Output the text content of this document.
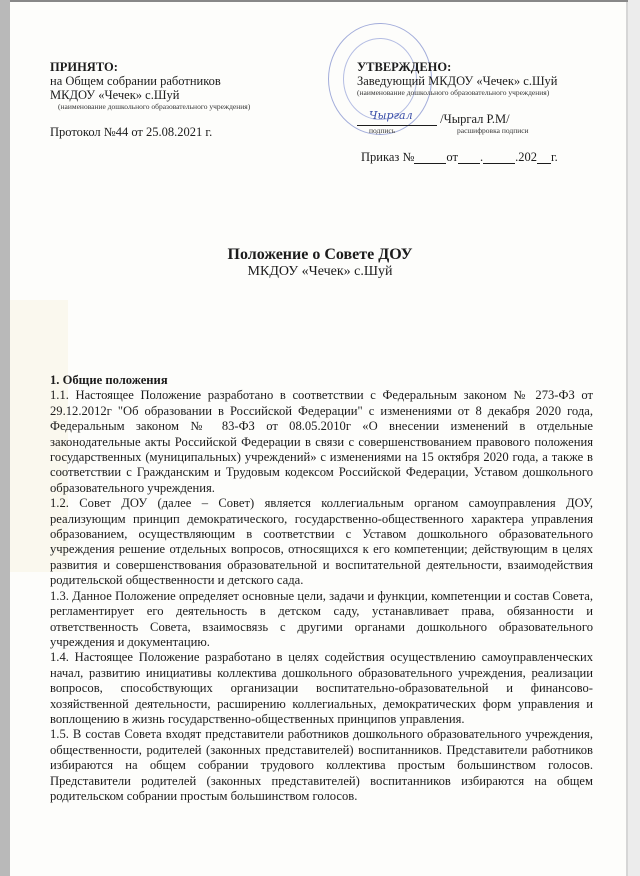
ПРИНЯТО:
на Общем собрании работников
МКДОУ «Чечек» с.Шуй
(наименование дошкольного образовательного учреждения)
Протокол №44 от 25.08.2021 г.
УТВЕРЖДЕНО:
Заведующий МКДОУ «Чечек» с.Шуй
(наименование дошкольного образовательного учреждения)
Чыргал /Чыргал Р.М/
подпись	расшифровка подписи
Приказ №	от .	.202 г.
Положение о Совете ДОУ
МКДОУ «Чечек» с.Шуй
1. Общие положения

1.1. Настоящее Положение разработано в соответствии с Федеральным законом № 273-ФЗ от 29.12.2012г "Об образовании в Российской Федерации" с изменениями от 8 декабря 2020 года, Федеральным законом № 83-ФЗ от 08.05.2010г «О внесении изменений в отдельные законодательные акты Российской Федерации в связи с совершенствованием правового положения государственных (муниципальных) учреждений» с изменениями на 15 октября 2020 года, а также в соответствии с Гражданским и Трудовым кодексом Российской Федерации, Уставом дошкольного образовательного учреждения.

1.2. Совет ДОУ (далее – Совет) является коллегиальным органом самоуправления ДОУ, реализующим принцип демократического, государственно-общественного характера управления образованием, осуществляющим в соответствии с Уставом дошкольного образовательного учреждения решение отдельных вопросов, относящихся к его компетенции; действующим в целях развития и совершенствования образовательной и воспитательной деятельности, взаимодействия родительской общественности и детского сада.

1.3. Данное Положение определяет основные цели, задачи и функции, компетенции и состав Совета, регламентирует его деятельность в детском саду, устанавливает права, обязанности и ответственность Совета, взаимосвязь с другими органами дошкольного образовательного учреждения и документацию.

1.4. Настоящее Положение разработано в целях содействия осуществлению самоуправленческих начал, развитию инициативы коллектива дошкольного образовательного учреждения, реализации вопросов, способствующих организации воспитательно-образовательной и финансово-хозяйственной деятельности, расширению коллегиальных, демократических форм управления и воплощению в жизнь государственно-общественных принципов управления.

1.5. В состав Совета входят представители работников дошкольного образовательного учреждения, общественности, родителей (законных представителей) воспитанников. Представители работников избираются на общем собрании трудового коллектива простым большинством голосов. Представители родителей (законных представителей) воспитанников избираются на общем родительском собрании простым большинством голосов.
